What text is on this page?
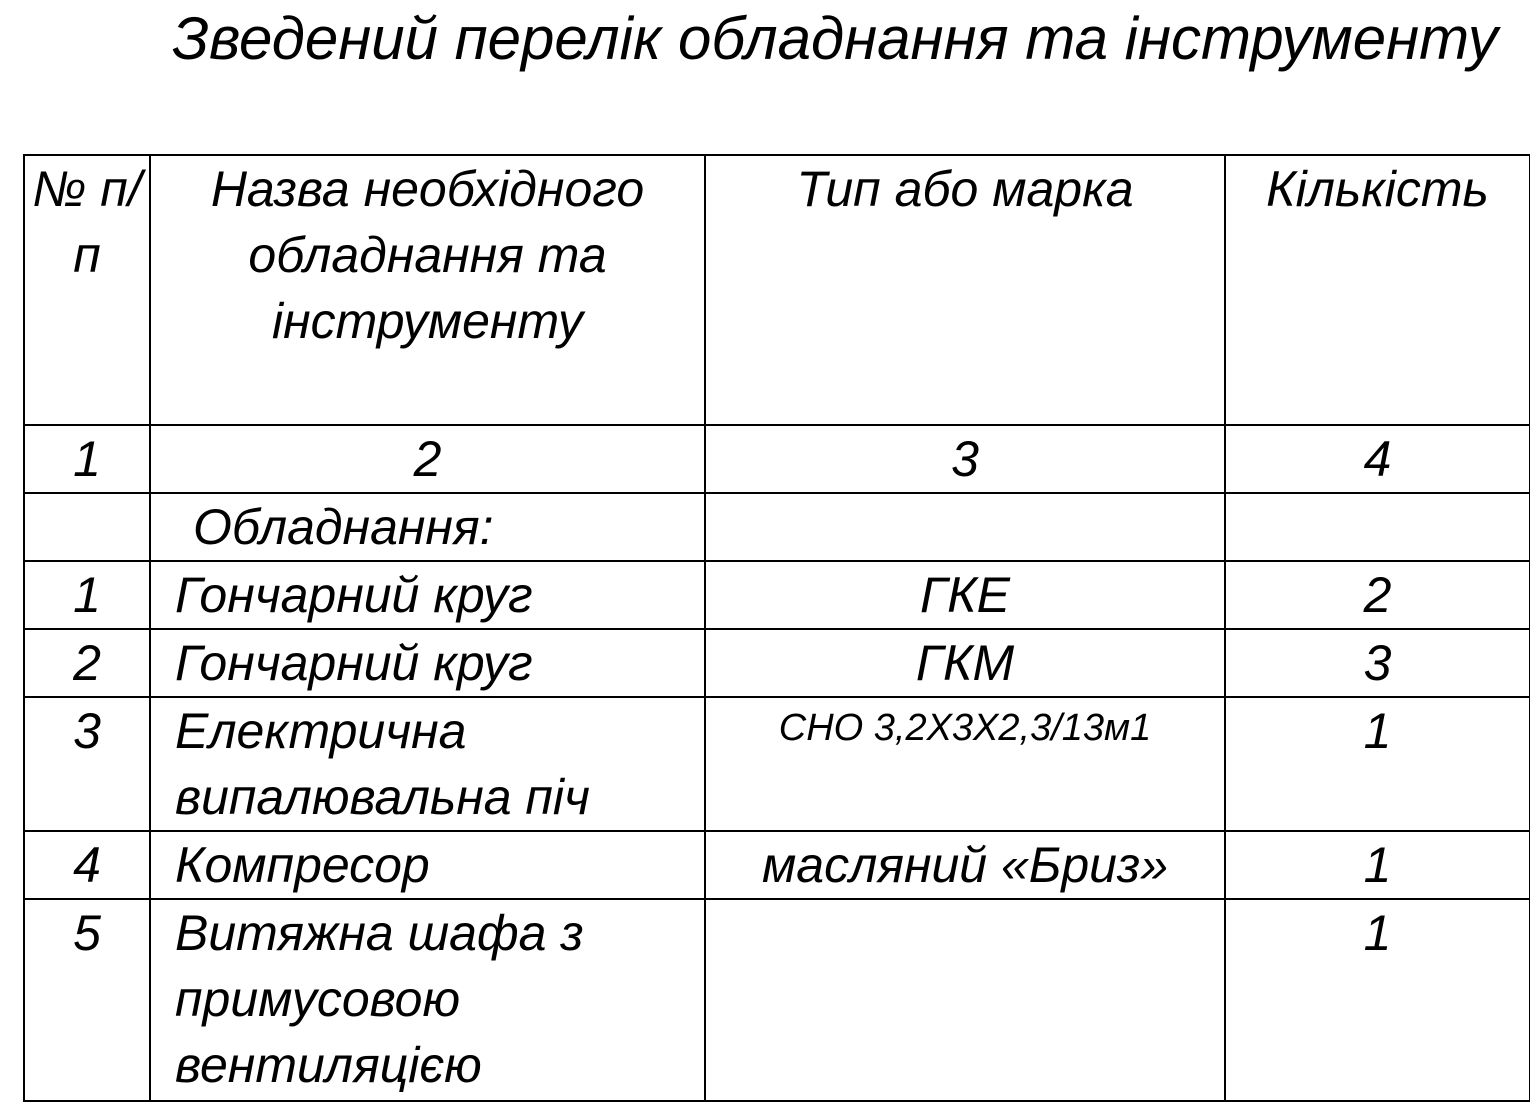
Зведений перелік обладнання та інструменту
№ п/п	Назва необхідного обладнання та інструменту	Тип або марка	Кількість
1	2	3	4
	Обладнання:		
1	Гончарний круг	ГКЕ	2
2	Гончарний круг	ГКМ	3
3	Електрична випалювальна піч	СНО 3,2Х3Х2,3/13м1	1
4	Компресор	масляний «Бриз»	1
5	Витяжна шафа з примусовою вентиляцією		1
